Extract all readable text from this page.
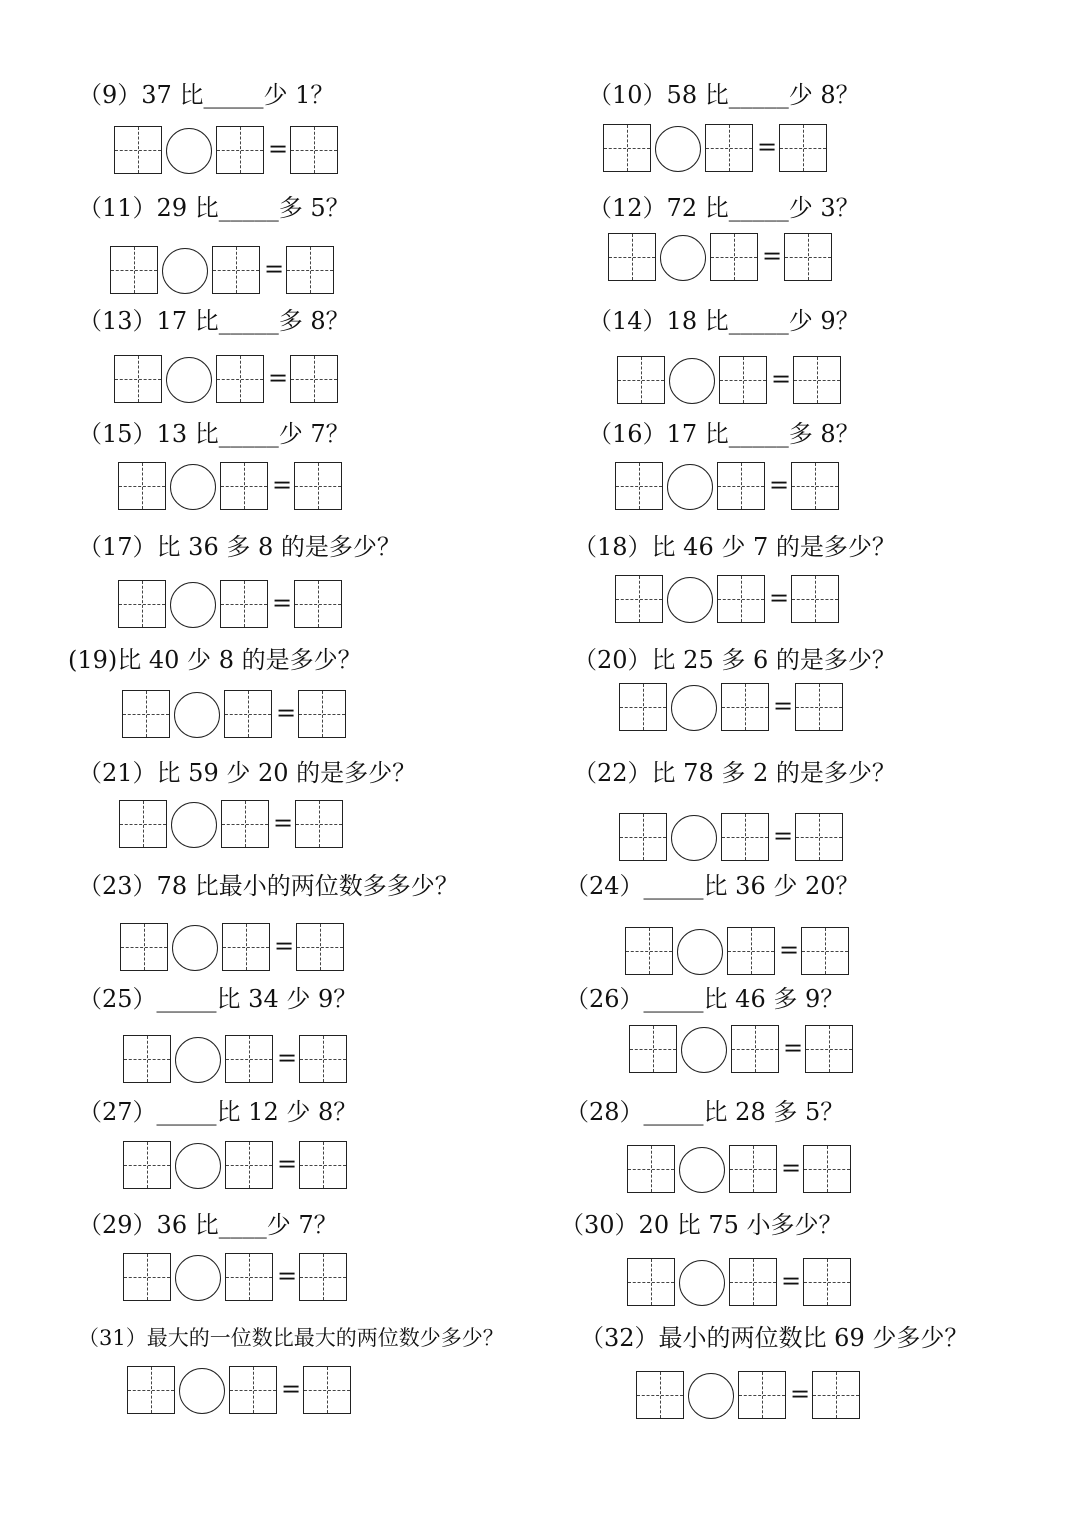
（9）37 比_____少 1？
=
（10）58 比_____少 8？
=
（11）29 比_____多 5？
=
（12）72 比_____少 3？
=
（13）17 比_____多 8？
=
（14）18 比_____少 9？
=
（15）13 比_____少 7？
=
（16）17 比_____多 8？
=
（17）比 36 多 8 的是多少？
=
（18）比 46 少 7 的是多少？
=
(19)比 40 少 8 的是多少？
=
（20）比 25 多 6 的是多少？
=
（21）比 59 少 20 的是多少？
=
（22）比 78 多 2 的是多少？
=
（23）78 比最小的两位数多多少？
=
（24）_____比 36 少 20？
=
（25）_____比 34 少 9？
=
（26）_____比 46 多 9？
=
（27）_____比 12 少 8？
=
（28）_____比 28 多 5？
=
（29）36 比____少 7？
=
（30）20 比 75 小多少？
=
（31）最大的一位数比最大的两位数少多少？
=
（32）最小的两位数比 69 少多少？
=
